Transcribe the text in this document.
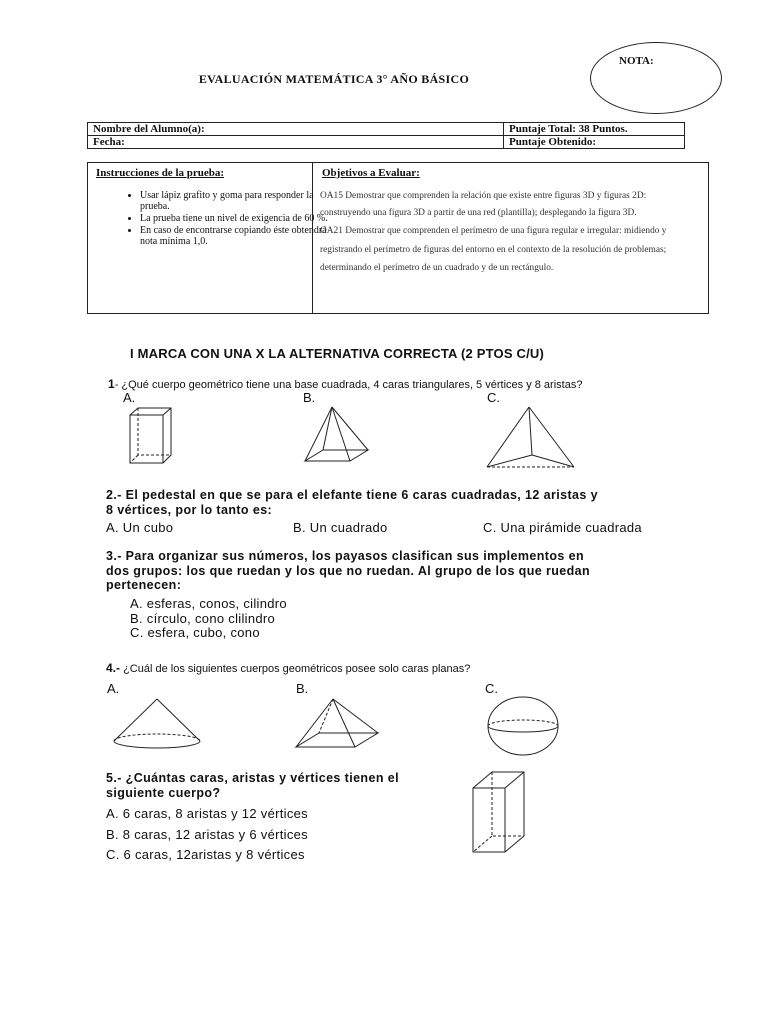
NOTA:
EVALUACIÓN MATEMÁTICA 3° AÑO BÁSICO
Nombre del Alumno(a):	Puntaje Total: 38 Puntos.
Fecha:	Puntaje Obtenido:
Instrucciones de la prueba:	Objetivos a Evaluar:
• Usar lápiz grafito y goma para responder la prueba.
• La prueba tiene un nivel de exigencia de 60 %.
• En caso de encontrarse copiando éste obtendrá nota mínima 1,0.

OA15 Demostrar que comprenden la relación que existe entre figuras 3D y figuras 2D: construyendo una figura 3D a partir de una red (plantilla); desplegando la figura 3D.

OA21 Demostrar que comprenden el perímetro de una figura regular e irregular: midiendo y registrando el perímetro de figuras del entorno en el contexto de la resolución de problemas; determinando el perímetro de un cuadrado y de un rectángulo.

I MARCA CON UNA X LA ALTERNATIVA CORRECTA (2 PTOS C/U)
1- ¿Qué cuerpo geométrico tiene una base cuadrada, 4 caras triangulares, 5 vértices y 8 aristas?
A.	B.	C.
2.- El pedestal en que se para el elefante tiene 6 caras cuadradas, 12 aristas y
8 vértices, por lo tanto es:
A. Un cubo	B. Un cuadrado	C. Una pirámide cuadrada
3.- Para organizar sus números, los payasos clasifican sus implementos en
dos grupos: los que ruedan y los que no ruedan. Al grupo de los que ruedan
pertenecen:
A. esferas, conos, cilindro
B. círculo, cono clilindro
C. esfera, cubo, cono
4.- ¿Cuál de los siguientes cuerpos geométricos posee solo caras planas?
A.	B.	C.
5.- ¿Cuántas caras, aristas y vértices tienen el
siguiente cuerpo?
A. 6 caras, 8 aristas y 12 vértices
B. 8 caras, 12 aristas y 6 vértices
C. 6 caras, 12aristas y 8 vértices
